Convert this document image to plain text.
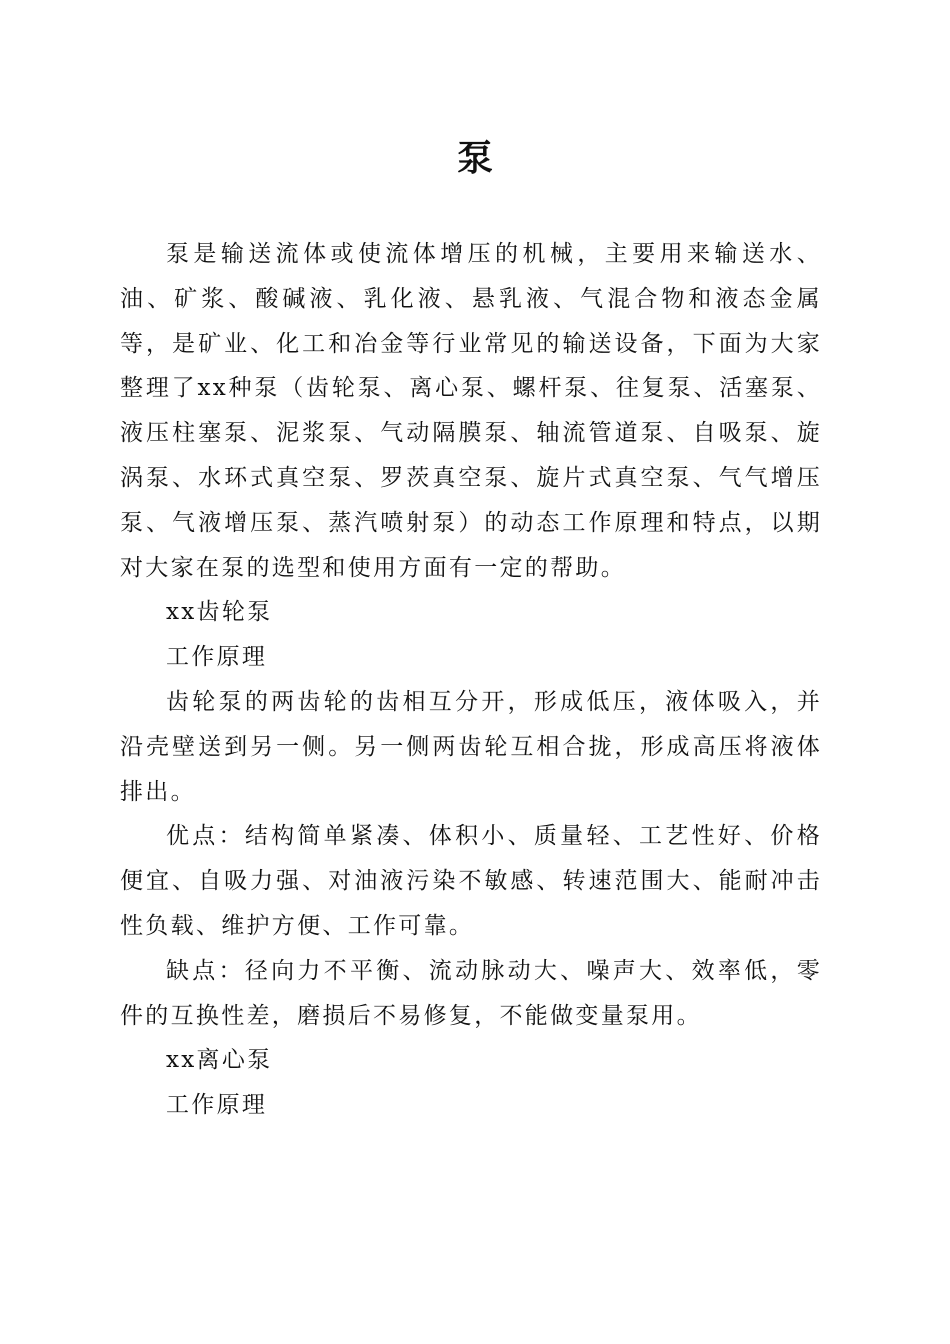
泵

泵是输送流体或使流体增压的机械，主要用来输送水、油、矿浆、酸碱液、乳化液、悬乳液、气混合物和液态金属等，是矿业、化工和冶金等行业常见的输送设备，下面为大家整理了xx种泵（齿轮泵、离心泵、螺杆泵、往复泵、活塞泵、液压柱塞泵、泥浆泵、气动隔膜泵、轴流管道泵、自吸泵、旋涡泵、水环式真空泵、罗茨真空泵、旋片式真空泵、气气增压泵、气液增压泵、蒸汽喷射泵）的动态工作原理和特点，以期对大家在泵的选型和使用方面有一定的帮助。

xx齿轮泵

工作原理

齿轮泵的两齿轮的齿相互分开，形成低压，液体吸入，并沿壳壁送到另一侧。另一侧两齿轮互相合拢，形成高压将液体排出。

优点：结构简单紧凑、体积小、质量轻、工艺性好、价格便宜、自吸力强、对油液污染不敏感、转速范围大、能耐冲击性负载、维护方便、工作可靠。

缺点：径向力不平衡、流动脉动大、噪声大、效率低，零件的互换性差，磨损后不易修复，不能做变量泵用。

xx离心泵

工作原理
